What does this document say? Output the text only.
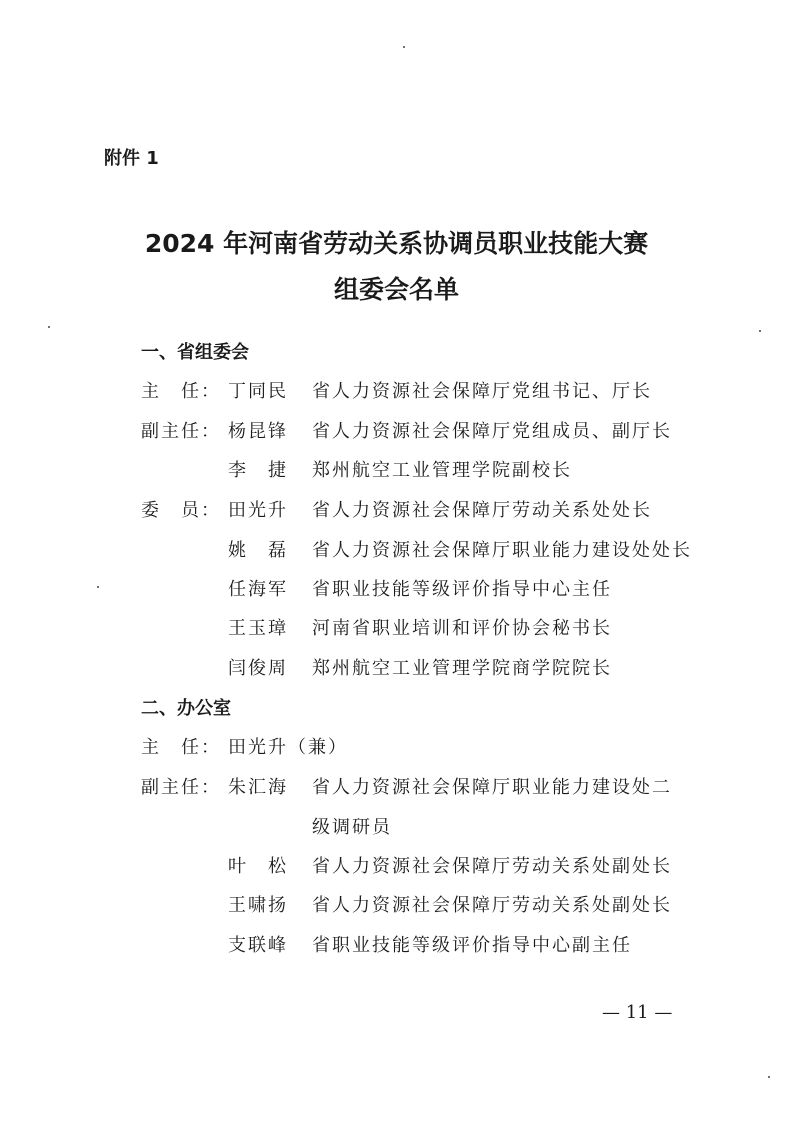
附件 1
2024 年河南省劳动关系协调员职业技能大赛
组委会名单
一、省组委会
主　任： 丁同民 省人力资源社会保障厅党组书记、厅长
副主任： 杨昆锋 省人力资源社会保障厅党组成员、副厅长
李　捷 郑州航空工业管理学院副校长
委　员： 田光升 省人力资源社会保障厅劳动关系处处长
姚　磊 省人力资源社会保障厅职业能力建设处处长
任海军 省职业技能等级评价指导中心主任
王玉璋 河南省职业培训和评价协会秘书长
闫俊周 郑州航空工业管理学院商学院院长
二、办公室
主　任： 田光升（兼）
副主任： 朱汇海 省人力资源社会保障厅职业能力建设处二
级调研员
叶　松 省人力资源社会保障厅劳动关系处副处长
王啸扬 省人力资源社会保障厅劳动关系处副处长
支联峰 省职业技能等级评价指导中心副主任
— 11 —
